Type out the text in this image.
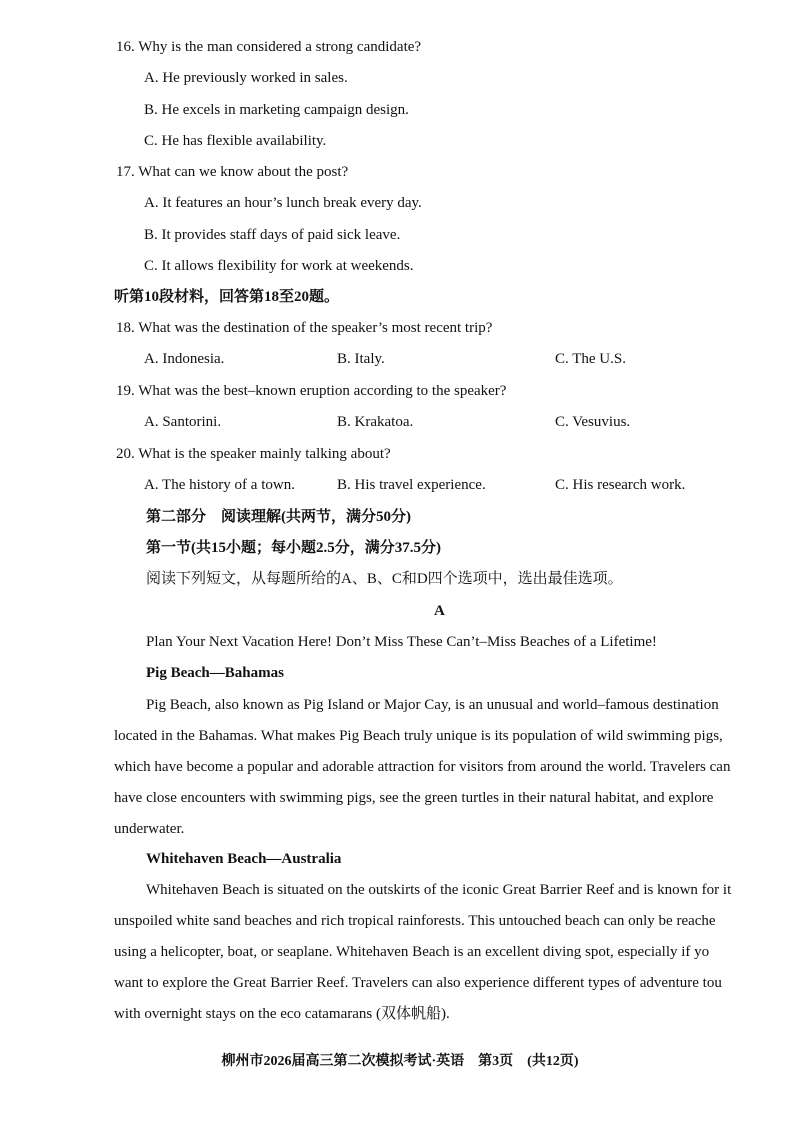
16. Why is the man considered a strong candidate?
A. He previously worked in sales.
B. He excels in marketing campaign design.
C. He has flexible availability.
17. What can we know about the post?
A. It features an hour’s lunch break every day.
B. It provides staff days of paid sick leave.
C. It allows flexibility for work at weekends.
听第10段材料，回答第18至20题。
18. What was the destination of the speaker’s most recent trip?
A. Indonesia.	B. Italy.	C. The U.S.
19. What was the best–known eruption according to the speaker?
A. Santorini.	B. Krakatoa.	C. Vesuvius.
20. What is the speaker mainly talking about?
A. The history of a town.	B. His travel experience.	C. His research work.
第二部分　阅读理解(共两节，满分50分)
第一节(共15小题；每小题2.5分，满分37.5分)
阅读下列短文，从每题所给的A、B、C和D四个选项中，选出最佳选项。
A
Plan Your Next Vacation Here! Don’t Miss These Can’t–Miss Beaches of a Lifetime!
Pig Beach—Bahamas
Pig Beach, also known as Pig Island or Major Cay, is an unusual and world–famous destination
located in the Bahamas. What makes Pig Beach truly unique is its population of wild swimming pigs,
which have become a popular and adorable attraction for visitors from around the world. Travelers can
have close encounters with swimming pigs, see the green turtles in their natural habitat, and explore
underwater.
Whitehaven Beach—Australia
Whitehaven Beach is situated on the outskirts of the iconic Great Barrier Reef and is known for it
unspoiled white sand beaches and rich tropical rainforests. This untouched beach can only be reache
using a helicopter, boat, or seaplane. Whitehaven Beach is an excellent diving spot, especially if yo
want to explore the Great Barrier Reef. Travelers can also experience different types of adventure tou
with overnight stays on the eco catamarans (双体帆船).
柳州市2026届高三第二次模拟考试·英语　第3页　(共12页)
